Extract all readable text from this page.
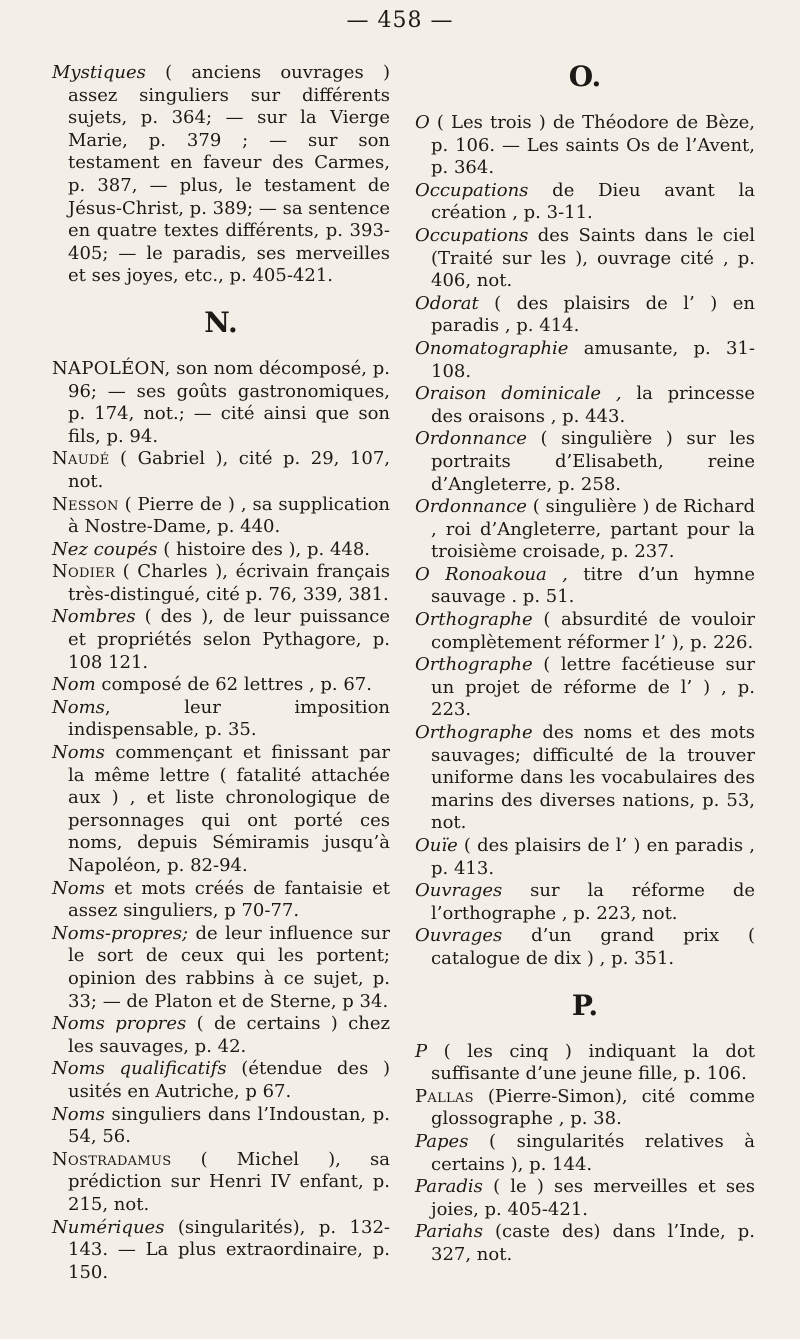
— 458 —

Mystiques ( anciens ouvrages ) assez singuliers sur différents sujets, p. 364; — sur la Vierge Marie, p. 379 ; — sur son testament en faveur des Carmes, p. 387, — plus, le testament de Jésus-Christ, p. 389; — sa sentence en quatre textes différents, p. 393-405; — le paradis, ses merveilles et ses joyes, etc., p. 405-421.

N.

NAPOLÉON, son nom décomposé, p. 96; — ses goûts gastronomiques, p. 174, not.; — cité ainsi que son fils, p. 94.

Naudé ( Gabriel ), cité p. 29, 107, not.

Nesson ( Pierre de ) , sa supplication à Nostre-Dame, p. 440.

Nez coupés ( histoire des ), p. 448.

Nodier ( Charles ), écrivain français très-distingué, cité p. 76, 339, 381.

Nombres ( des ), de leur puissance et propriétés selon Pythagore, p. 108 121.

Nom composé de 62 lettres , p. 67.

Noms, leur imposition indispensable, p. 35.

Noms commençant et finissant par la même lettre ( fatalité attachée aux ) , et liste chronologique de personnages qui ont porté ces noms, depuis Sémiramis jusqu’à Napoléon, p. 82-94.

Noms et mots créés de fantaisie et assez singuliers, p 70-77.

Noms-propres; de leur influence sur le sort de ceux qui les portent; opinion des rabbins à ce sujet, p. 33; — de Platon et de Sterne, p 34.

Noms propres ( de certains ) chez les sauvages, p. 42.

Noms qualificatifs (étendue des ) usités en Autriche, p 67.

Noms singuliers dans l’Indoustan, p. 54, 56.

Nostradamus ( Michel ), sa prédiction sur Henri IV enfant, p. 215, not.

Numériques (singularités), p. 132-143. — La plus extraordinaire, p. 150.

O.

O ( Les trois ) de Théodore de Bèze, p. 106. — Les saints Os de l’Avent, p. 364.

Occupations de Dieu avant la création , p. 3-11.

Occupations des Saints dans le ciel (Traité sur les ), ouvrage cité , p. 406, not.

Odorat ( des plaisirs de l’ ) en paradis , p. 414.

Onomatographie amusante, p. 31-108.

Oraison dominicale , la princesse des oraisons , p. 443.

Ordonnance ( singulière ) sur les portraits d’Elisabeth, reine d’Angleterre, p. 258.

Ordonnance ( singulière ) de Richard , roi d’Angleterre, partant pour la troisième croisade, p. 237.

O Ronoakoua , titre d’un hymne sauvage . p. 51.

Orthographe ( absurdité de vouloir complètement réformer l’ ), p. 226.

Orthographe ( lettre facétieuse sur un projet de réforme de l’ ) , p. 223.

Orthographe des noms et des mots sauvages; difficulté de la trouver uniforme dans les vocabulaires des marins des diverses nations, p. 53, not.

Ouïe ( des plaisirs de l’ ) en paradis , p. 413.

Ouvrages sur la réforme de l’orthographe , p. 223, not.

Ouvrages d’un grand prix ( catalogue de dix ) , p. 351.

P.

P ( les cinq ) indiquant la dot suffisante d’une jeune fille, p. 106.

Pallas (Pierre-Simon), cité comme glossographe , p. 38.

Papes ( singularités relatives à certains ), p. 144.

Paradis ( le ) ses merveilles et ses joies, p. 405-421.

Pariahs (caste des) dans l’Inde, p. 327, not.
